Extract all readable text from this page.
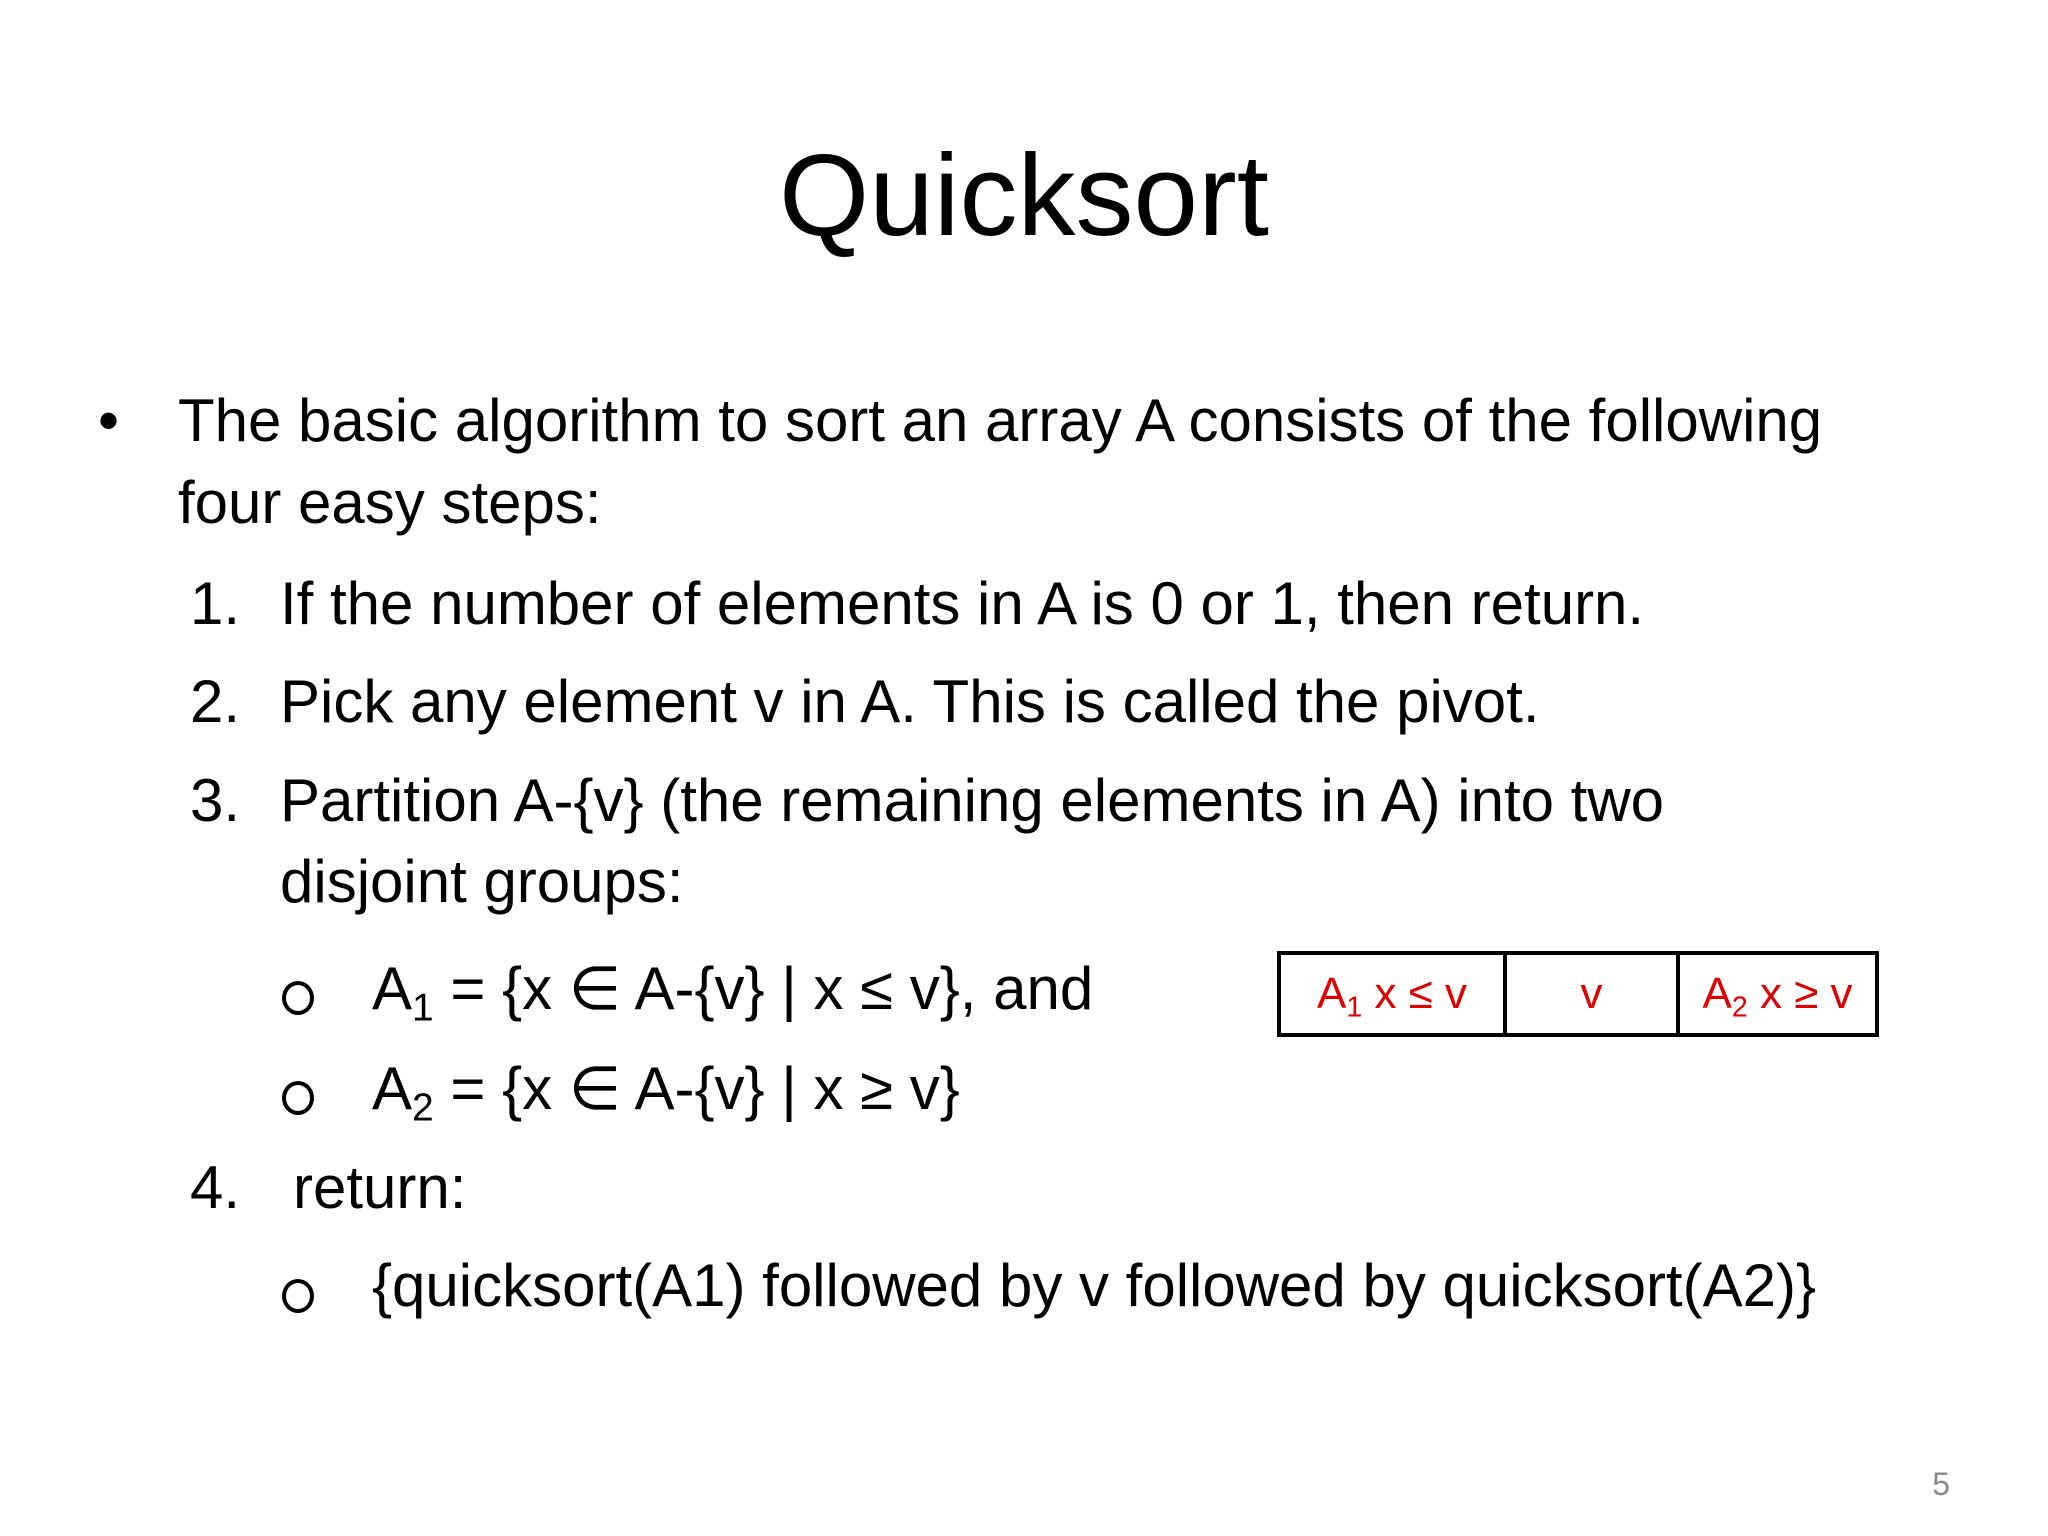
Quicksort
• The basic algorithm to sort an array A consists of the following
four easy steps:
1. If the number of elements in A is 0 or 1, then return.
2. Pick any element v in A. This is called the pivot.
3. Partition A-{v} (the remaining elements in A) into two
disjoint groups:
$A_1 = \{x$ ∈ A-{v} | x ≤ v}, and
$A_2 = \{x$ ∈ A-{v} | x ≥ v}
4. return:
{quicksort(A1) followed by v followed by quicksort(A2)}
$A_1$ x ≤ v	v	$A_2$ x ≥ v
5
